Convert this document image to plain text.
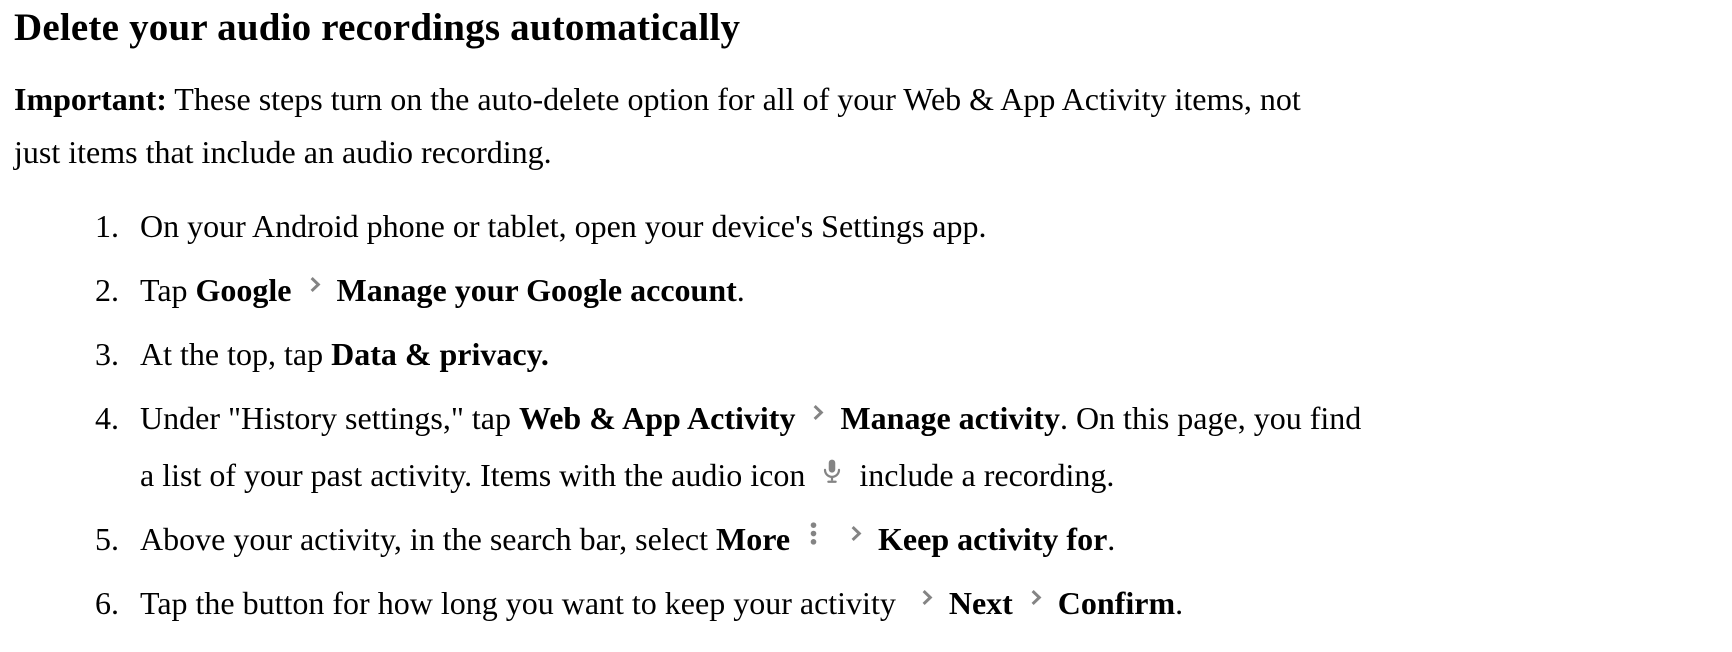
Delete your audio recordings automatically

Important: These steps turn on the auto-delete option for all of your Web & App Activity items, not
just items that include an audio recording.

1. On your Android phone or tablet, open your device's Settings app.
2. Tap Google Manage your Google account.
3. At the top, tap Data & privacy.
4. Under "History settings," tap Web & App Activity Manage activity. On this page, you find
a list of your past activity. Items with the audio icon  include a recording.
5. Above your activity, in the search bar, select More	Keep activity for.
6. Tap the button for how long you want to keep your activity Next Confirm.
